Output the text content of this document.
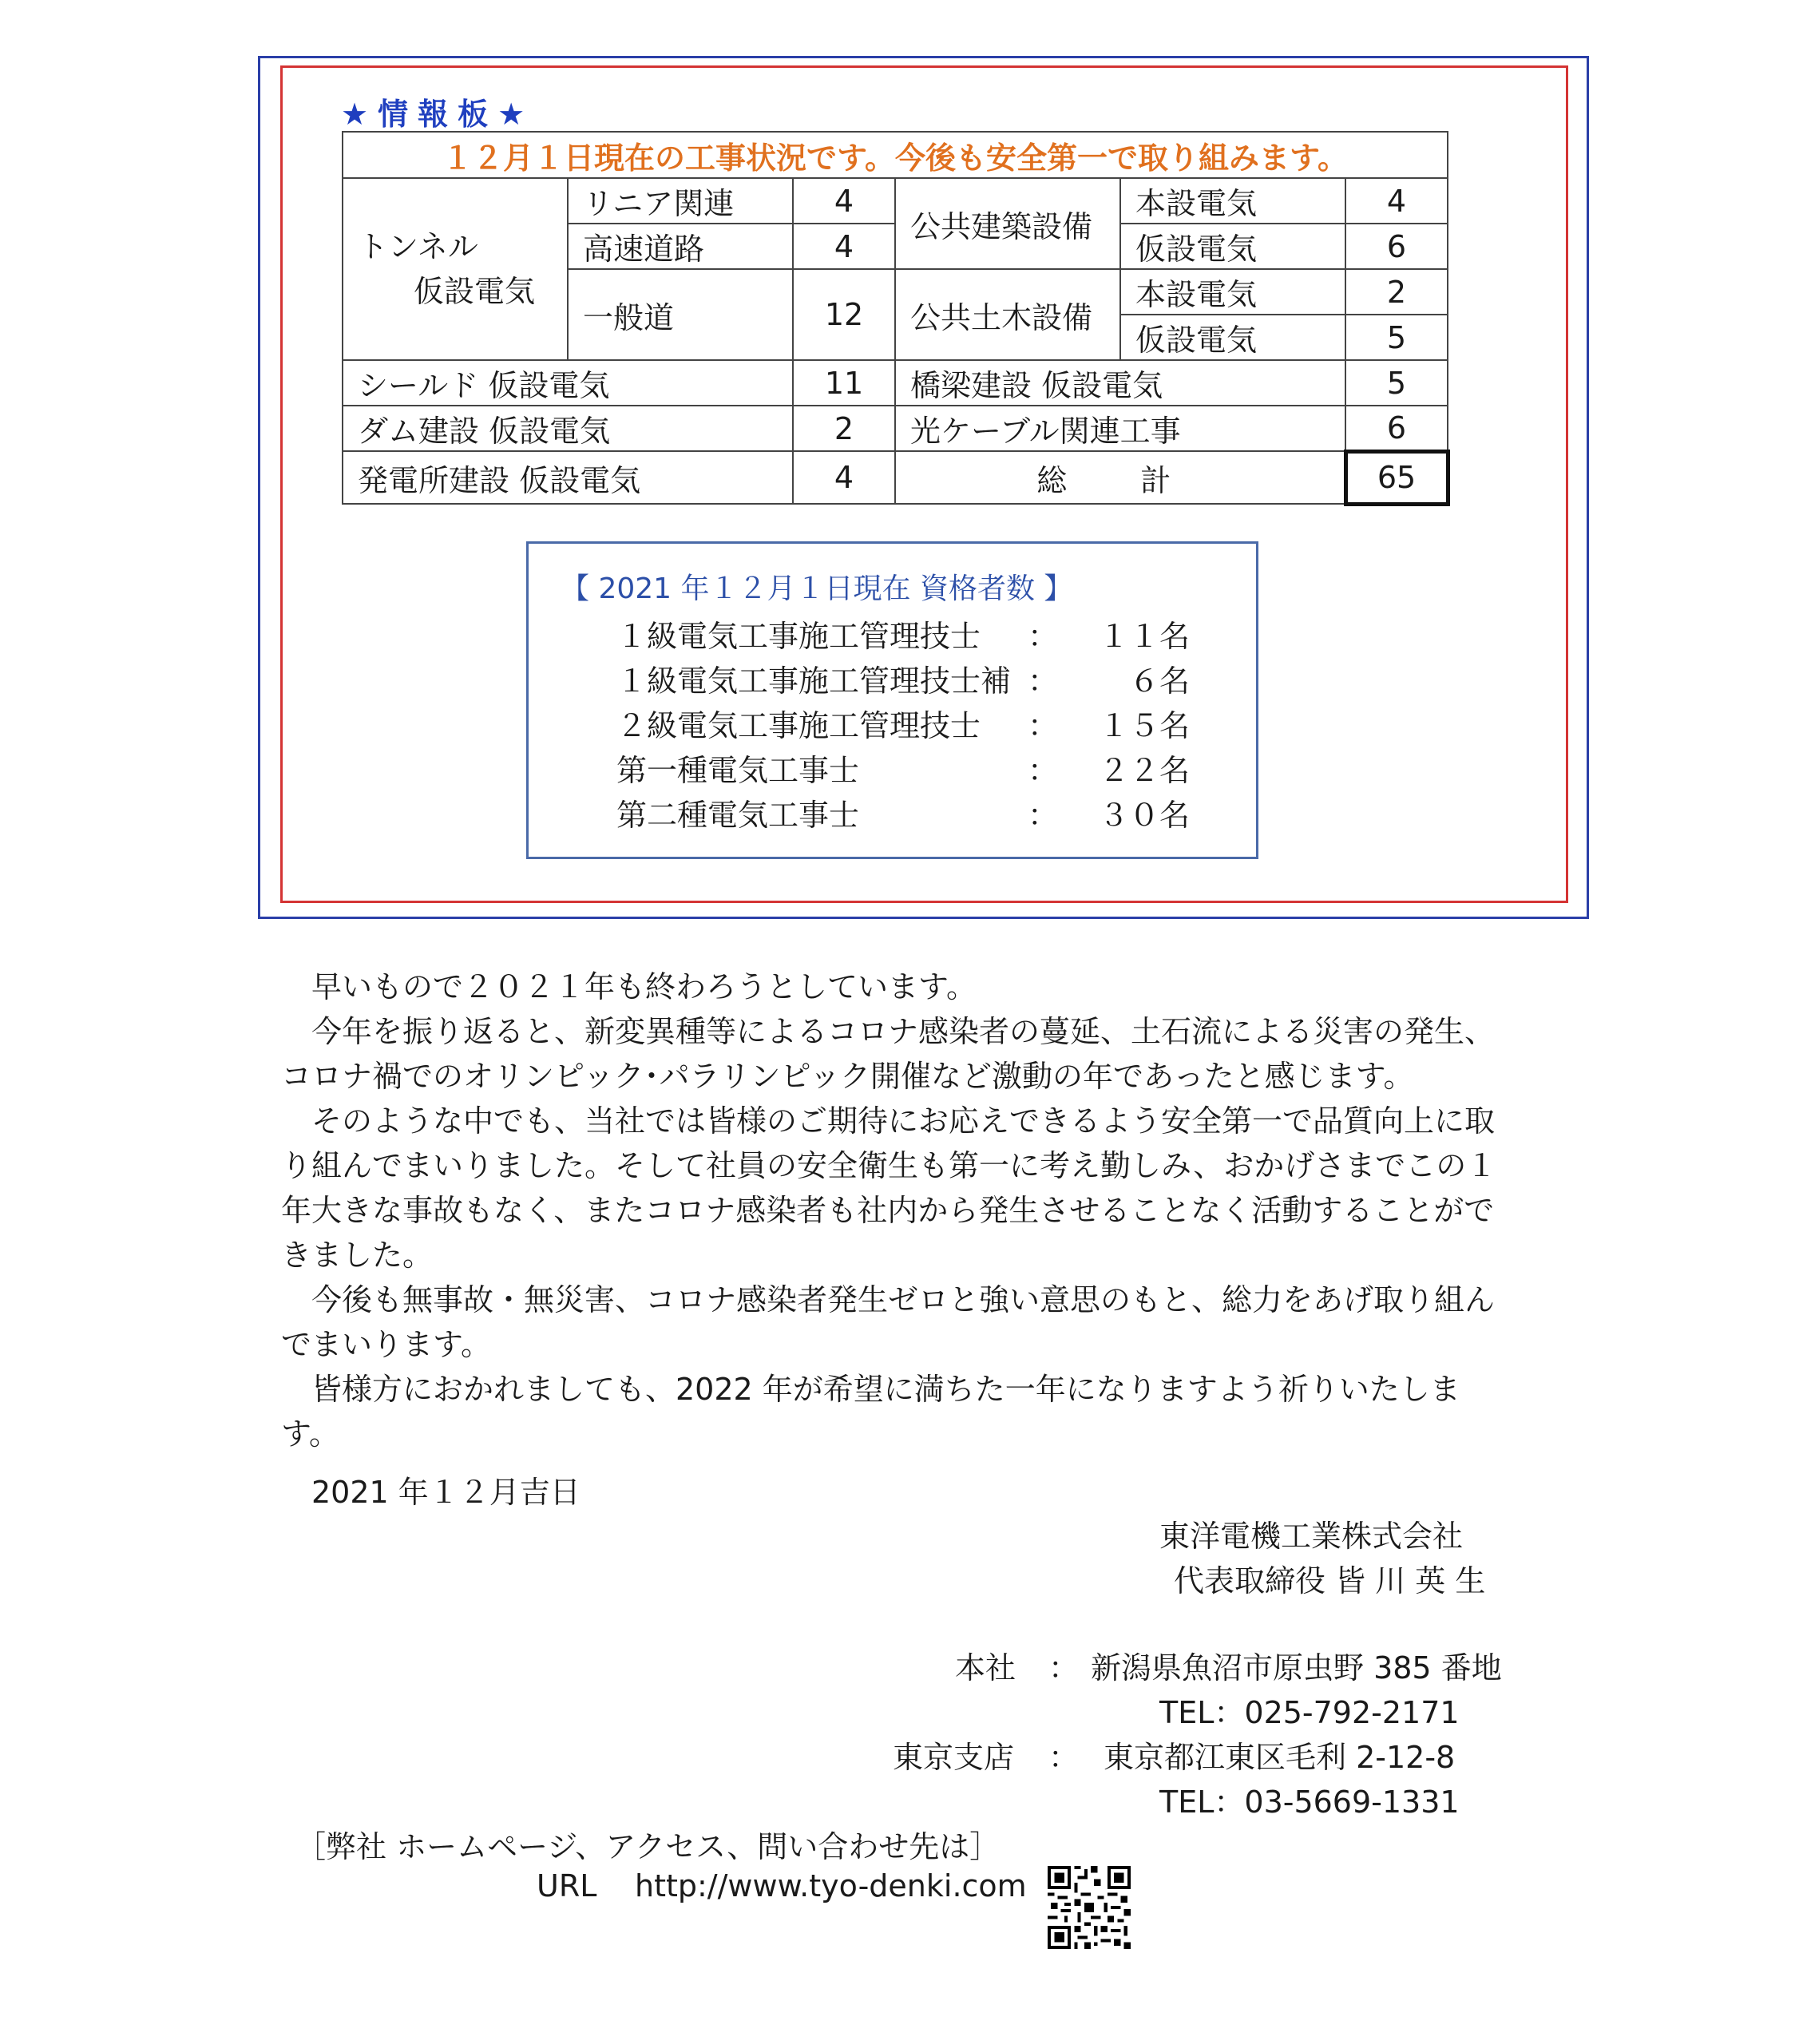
★情報板★
１２月１日現在の工事状況です。今後も安全第一で取り組みます。					

トンネル
仮設電気	リニア関連	4	公共建築設備	本設電気	4
	高速道路	4		仮設電気	6
	一般道	12	公共土木設備	本設電気	2
				仮設電気	5
シールド 仮設電気		11	橋梁建設 仮設電気		5
ダム建設 仮設電気		2	光ケーブル関連工事		6
発電所建設 仮設電気		4	総 計		65
【 2021 年１２月１日現在 資格者数 】
１級電気工事施工管理技士 ：	１１名
１級電気工事施工管理技士補 ：	６名
２級電気工事施工管理技士 ：	１５名
第一種電気工事士	：	２２名
第二種電気工事士	：	３０名

早いもので２０２１年も終わろうとしています。

今年を振り返ると、新変異種等によるコロナ感染者の蔓延、土石流による災害の発生、コロナ禍でのオリンピック･パラリンピック開催など激動の年であったと感じます。

そのような中でも、当社では皆様のご期待にお応えできるよう安全第一で品質向上に取り組んでまいりました。そして社員の安全衛生も第一に考え勤しみ、おかげさまでこの１年大きな事故もなく、またコロナ感染者も社内から発生させることなく活動することができました。

今後も無事故・無災害、コロナ感染者発生ゼロと強い意思のもと、総力をあげ取り組んでまいります。

皆様方におかれましても、2022 年が希望に満ちた一年になりますよう祈りいたします。

2021 年１２月吉日
東洋電機工業株式会社
代表取締役 皆 川 英 生
本社 ： 新潟県魚沼市原虫野 385 番地
TEL：025-792-2171
東京支店 ： 東京都江東区毛利 2-12-8
TEL：03-5669-1331
［弊社 ホームページ、アクセス、問い合わせ先は］
URL http://www.tyo-denki.com
